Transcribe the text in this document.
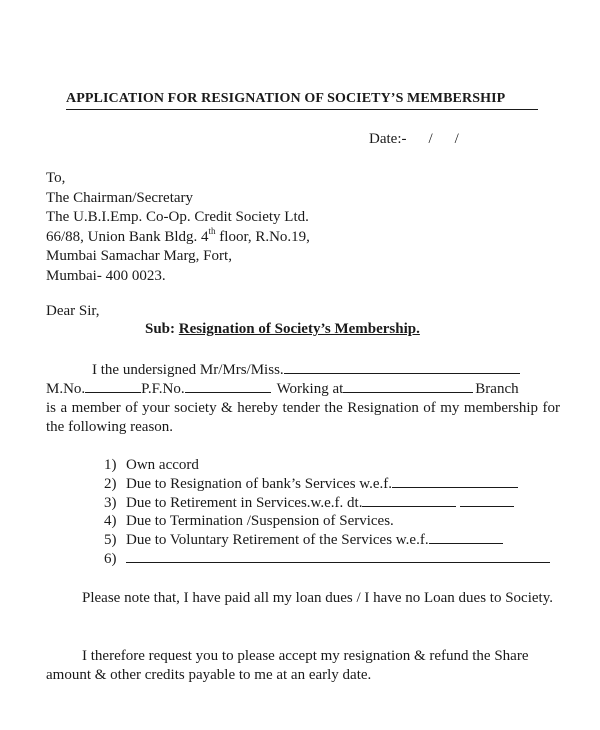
APPLICATION FOR RESIGNATION OF SOCIETY’S MEMBERSHIP
Date:- / /
To,
The Chairman/Secretary
The U.B.I.Emp. Co-Op. Credit Society Ltd.
66/88, Union Bank Bldg. 4th floor, R.No.19,
Mumbai Samachar Marg, Fort,
Mumbai- 400 0023.
Dear Sir,
Sub: Resignation of Society’s Membership.
I the undersigned Mr/Mrs/Miss.
M.No.	P.F.No.	Working at	Branch
is a member of your society & hereby tender the Resignation of my membership for the following reason.
1) Own accord
2) Due to Resignation of bank’s Services w.e.f.
3) Due to Retirement in Services.w.e.f. dt.
4) Due to Termination /Suspension of Services.
5) Due to Voluntary Retirement of the Services w.e.f.
6)
Please note that, I have paid all my loan dues / I have no Loan dues to Society.
I therefore request you to please accept my resignation & refund the Share amount & other credits payable to me at an early date.
